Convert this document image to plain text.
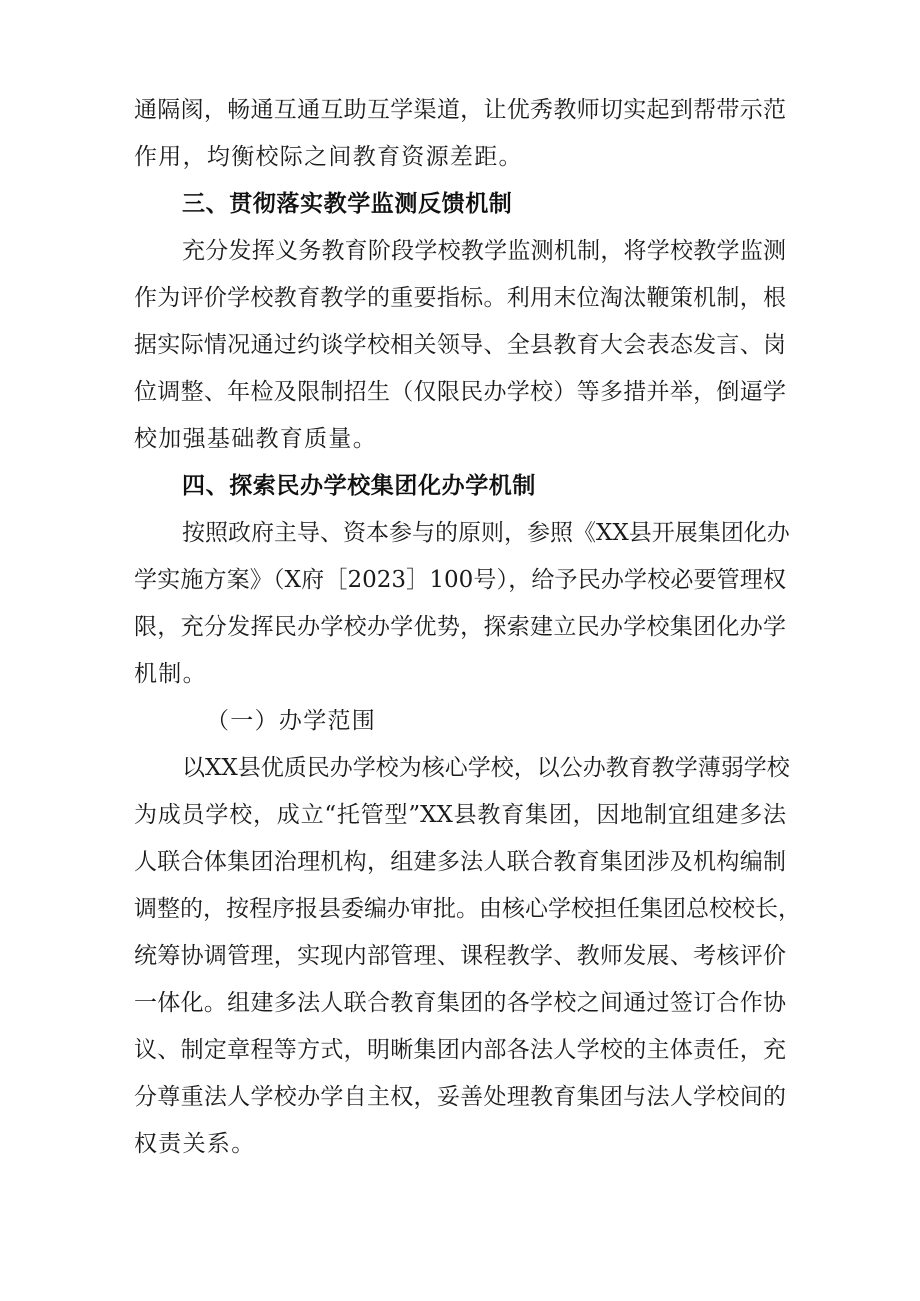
通隔阂，畅通互通互助互学渠道，让优秀教师切实起到帮带示范
作用，均衡校际之间教育资源差距。
三、贯彻落实教学监测反馈机制
充分发挥义务教育阶段学校教学监测机制，将学校教学监测
作为评价学校教育教学的重要指标。利用末位淘汰鞭策机制，根
据实际情况通过约谈学校相关领导、全县教育大会表态发言、岗
位调整、年检及限制招生（仅限民办学校）等多措并举，倒逼学
校加强基础教育质量。
四、探索民办学校集团化办学机制
按照政府主导、资本参与的原则，参照《XX县开展集团化办
学实施方案》（X府［2023］100号），给予民办学校必要管理权
限，充分发挥民办学校办学优势，探索建立民办学校集团化办学
机制。
（一）办学范围
以XX县优质民办学校为核心学校，以公办教育教学薄弱学校
为成员学校，成立“托管型”XX县教育集团，因地制宜组建多法
人联合体集团治理机构，组建多法人联合教育集团涉及机构编制
调整的，按程序报县委编办审批。由核心学校担任集团总校校长，
统筹协调管理，实现内部管理、课程教学、教师发展、考核评价
一体化。组建多法人联合教育集团的各学校之间通过签订合作协
议、制定章程等方式，明晰集团内部各法人学校的主体责任，充
分尊重法人学校办学自主权，妥善处理教育集团与法人学校间的
权责关系。
